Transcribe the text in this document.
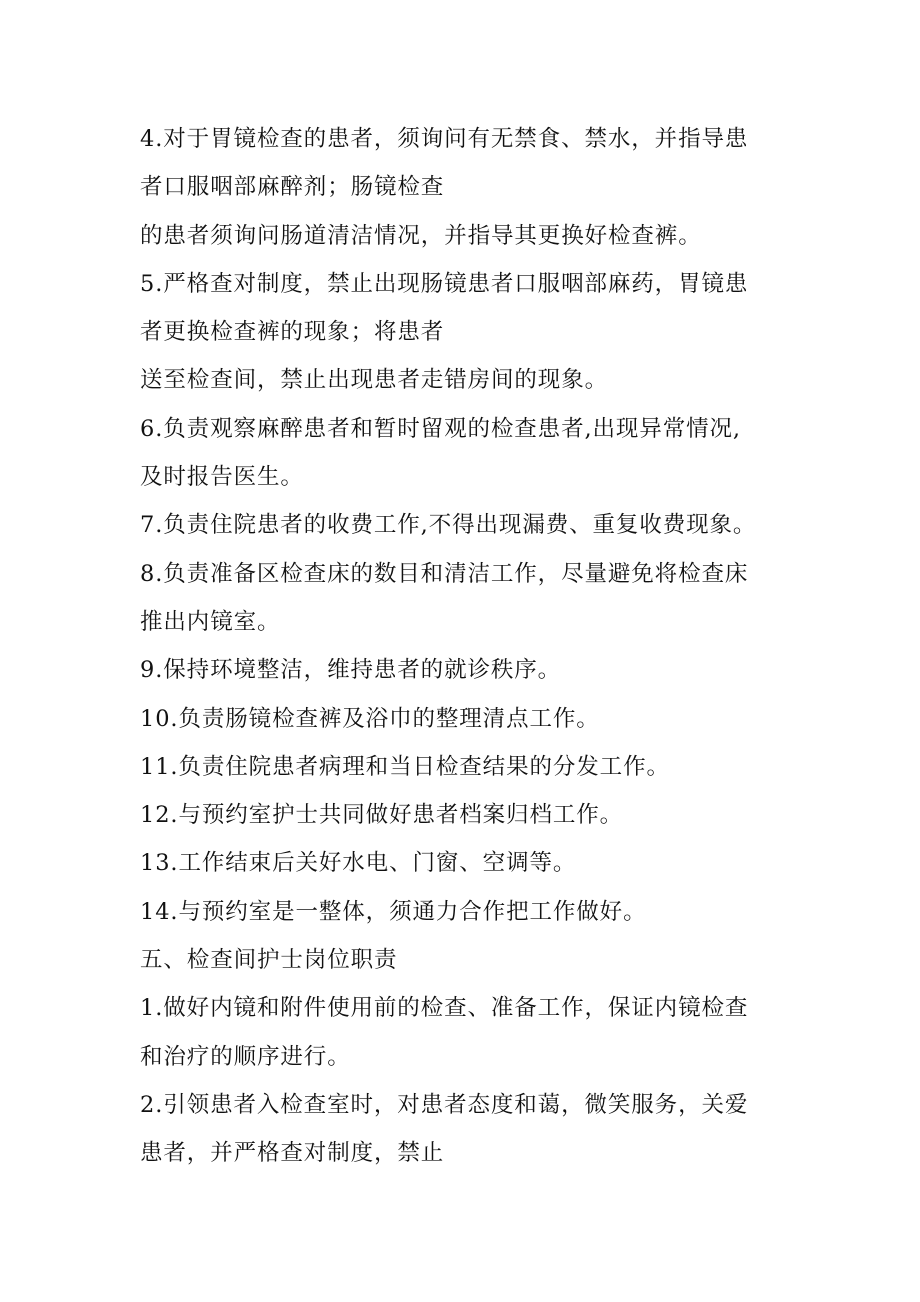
4.对于胃镜检查的患者，须询问有无禁食、禁水，并指导患
者口服咽部麻醉剂；肠镜检查
的患者须询问肠道清洁情况，并指导其更换好检查裤。
5.严格查对制度，禁止出现肠镜患者口服咽部麻药，胃镜患
者更换检查裤的现象；将患者
送至检查间，禁止出现患者走错房间的现象。
6.负责观察麻醉患者和暂时留观的检查患者,出现异常情况,
及时报告医生。
7.负责住院患者的收费工作,不得出现漏费、重复收费现象。
8.负责准备区检查床的数目和清洁工作，尽量避免将检查床
推出内镜室。
9.保持环境整洁，维持患者的就诊秩序。
10.负责肠镜检查裤及浴巾的整理清点工作。
11.负责住院患者病理和当日检查结果的分发工作。
12.与预约室护士共同做好患者档案归档工作。
13.工作结束后关好水电、门窗、空调等。
14.与预约室是一整体，须通力合作把工作做好。
五、检查间护士岗位职责
1.做好内镜和附件使用前的检查、准备工作，保证内镜检查
和治疗的顺序进行。
2.引领患者入检查室时，对患者态度和蔼，微笑服务，关爱
患者，并严格查对制度，禁止
